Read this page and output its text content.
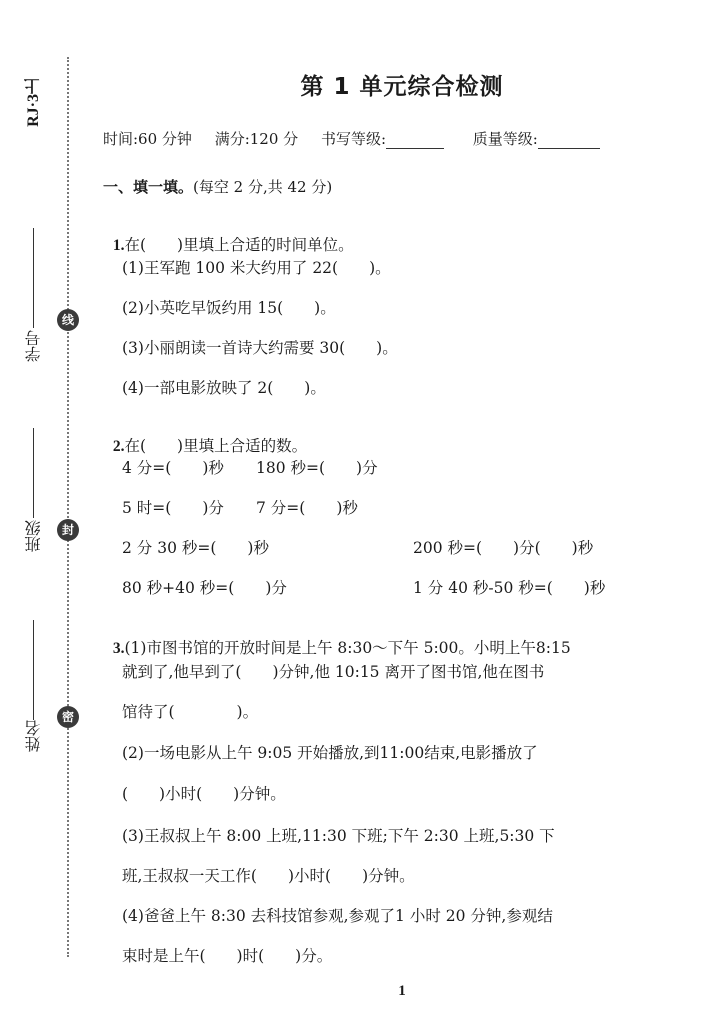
RJ·3上
学号
班级
姓名
线
封
密
第 1 单元综合检测
时间:60 分钟 满分:120 分 书写等级:	质量等级:
一、填一填。(每空 2 分,共 42 分)

1.在(　　)里填上合适的时间单位。

(1)王军跑 100 米大约用了 22(　　)。
(2)小英吃早饭约用 15(　　)。
(3)小丽朗读一首诗大约需要 30(　　)。
(4)一部电影放映了 2(　　)。

2.在(　　)里填上合适的数。

4 分=(　　)秒 180 秒=(　　)分
5 时=(　　)分 7 分=(　　)秒
2 分 30 秒=(　　)秒	200 秒=(　　)分(　　)秒
80 秒+40 秒=(　　)分	1 分 40 秒-50 秒=(　　)秒

3.(1)市图书馆的开放时间是上午 8:30～下午 5:00。小明上午8:15

就到了,他早到了(　　)分钟,他 10:15 离开了图书馆,他在图书
馆待了(　　　　)。
(2)一场电影从上午 9:05 开始播放,到11:00结束,电影播放了
(　　)小时(　　)分钟。
(3)王叔叔上午 8:00 上班,11:30 下班;下午 2:30 上班,5:30 下
班,王叔叔一天工作(　　)小时(　　)分钟。
(4)爸爸上午 8:30 去科技馆参观,参观了1 小时 20 分钟,参观结
束时是上午(　　)时(　　)分。
1
